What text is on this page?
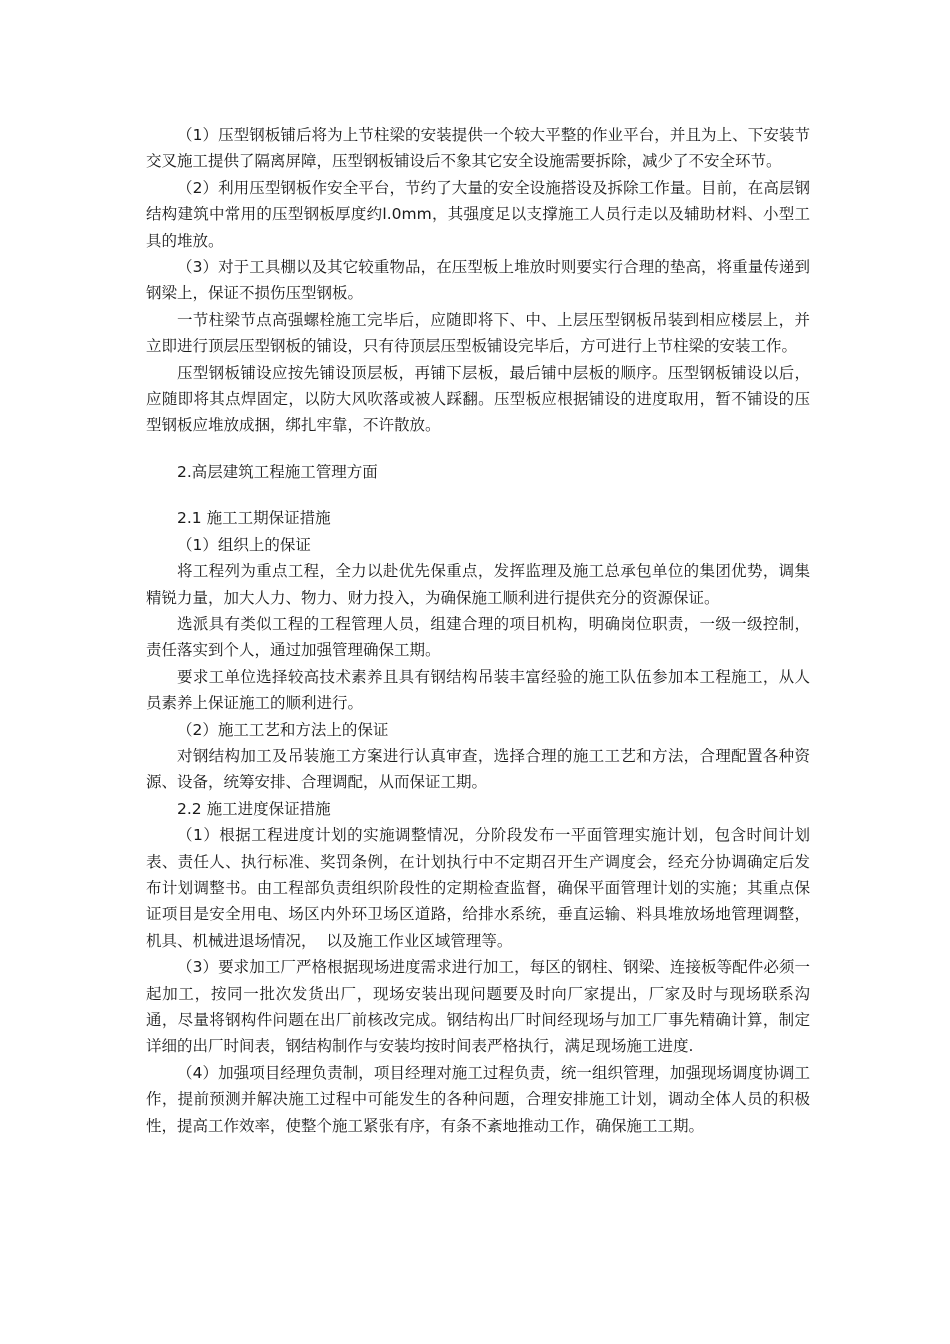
（1）压型钢板铺后将为上节柱梁的安装提供一个较大平整的作业平台，并且为上、下安装节交叉施工提供了隔离屏障，压型钢板铺设后不象其它安全设施需要拆除，减少了不安全环节。

（2）利用压型钢板作安全平台，节约了大量的安全设施搭设及拆除工作量。目前，在高层钢结构建筑中常用的压型钢板厚度约l.0mm，其强度足以支撑施工人员行走以及辅助材料、小型工具的堆放。

（3）对于工具棚以及其它较重物品，在压型板上堆放时则要实行合理的垫高，将重量传递到钢梁上，保证不损伤压型钢板。

一节柱梁节点高强螺栓施工完毕后，应随即将下、中、上层压型钢板吊装到相应楼层上，并立即进行顶层压型钢板的铺设，只有待顶层压型板铺设完毕后，方可进行上节柱梁的安装工作。

压型钢板铺设应按先铺设顶层板，再铺下层板，最后铺中层板的顺序。压型钢板铺设以后，应随即将其点焊固定，以防大风吹落或被人踩翻。压型板应根据铺设的进度取用，暂不铺设的压型钢板应堆放成捆，绑扎牢靠，不许散放。

2.高层建筑工程施工管理方面

2.1 施工工期保证措施

（1）组织上的保证

将工程列为重点工程，全力以赴优先保重点，发挥监理及施工总承包单位的集团优势，调集精锐力量，加大人力、物力、财力投入，为确保施工顺利进行提供充分的资源保证。

选派具有类似工程的工程管理人员，组建合理的项目机构，明确岗位职责，一级一级控制，责任落实到个人，通过加强管理确保工期。

要求工单位选择较高技术素养且具有钢结构吊装丰富经验的施工队伍参加本工程施工，从人员素养上保证施工的顺利进行。

（2）施工工艺和方法上的保证

对钢结构加工及吊装施工方案进行认真审查，选择合理的施工工艺和方法，合理配置各种资源、设备，统筹安排、合理调配，从而保证工期。

2.2 施工进度保证措施

（1）根据工程进度计划的实施调整情况，分阶段发布一平面管理实施计划，包含时间计划表、责任人、执行标准、奖罚条例，在计划执行中不定期召开生产调度会，经充分协调确定后发布计划调整书。由工程部负责组织阶段性的定期检查监督，确保平面管理计划的实施；其重点保证项目是安全用电、场区内外环卫场区道路，给排水系统，垂直运输、料具堆放场地管理调整，机具、机械进退场情况，  以及施工作业区域管理等。

（3）要求加工厂严格根据现场进度需求进行加工，每区的钢柱、钢梁、连接板等配件必须一起加工，按同一批次发货出厂，现场安装出现问题要及时向厂家提出，厂家及时与现场联系沟通，尽量将钢构件问题在出厂前核改完成。钢结构出厂时间经现场与加工厂事先精确计算，制定详细的出厂时间表，钢结构制作与安装均按时间表严格执行，满足现场施工进度.

（4）加强项目经理负责制，项目经理对施工过程负责，统一组织管理，加强现场调度协调工作，提前预测并解决施工过程中可能发生的各种问题，合理安排施工计划，调动全体人员的积极性，提高工作效率，使整个施工紧张有序，有条不紊地推动工作，确保施工工期。
